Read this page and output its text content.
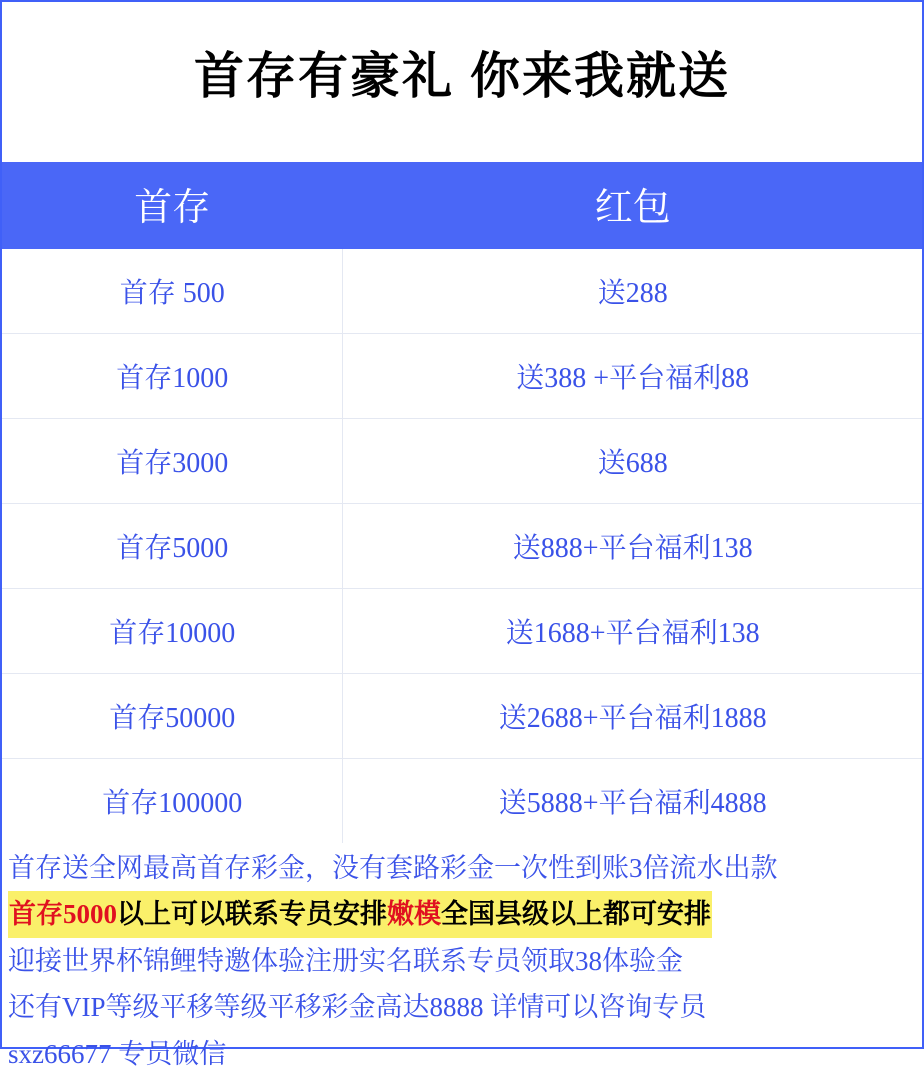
首存有豪礼 你来我就送
首存	红包
首存 500	送288
首存1000	送388 +平台福利88
首存3000	送688
首存5000	送888+平台福利138
首存10000	送1688+平台福利138
首存50000	送2688+平台福利1888
首存100000	送5888+平台福利4888
首存送全网最高首存彩金，没有套路彩金一次性到账3倍流水出款
首存5000以上可以联系专员安排嫩模全国县级以上都可安排
迎接世界杯锦鲤特邀体验注册实名联系专员领取38体验金
还有VIP等级平移等级平移彩金高达8888 详情可以咨询专员
sxz66677 专员微信
